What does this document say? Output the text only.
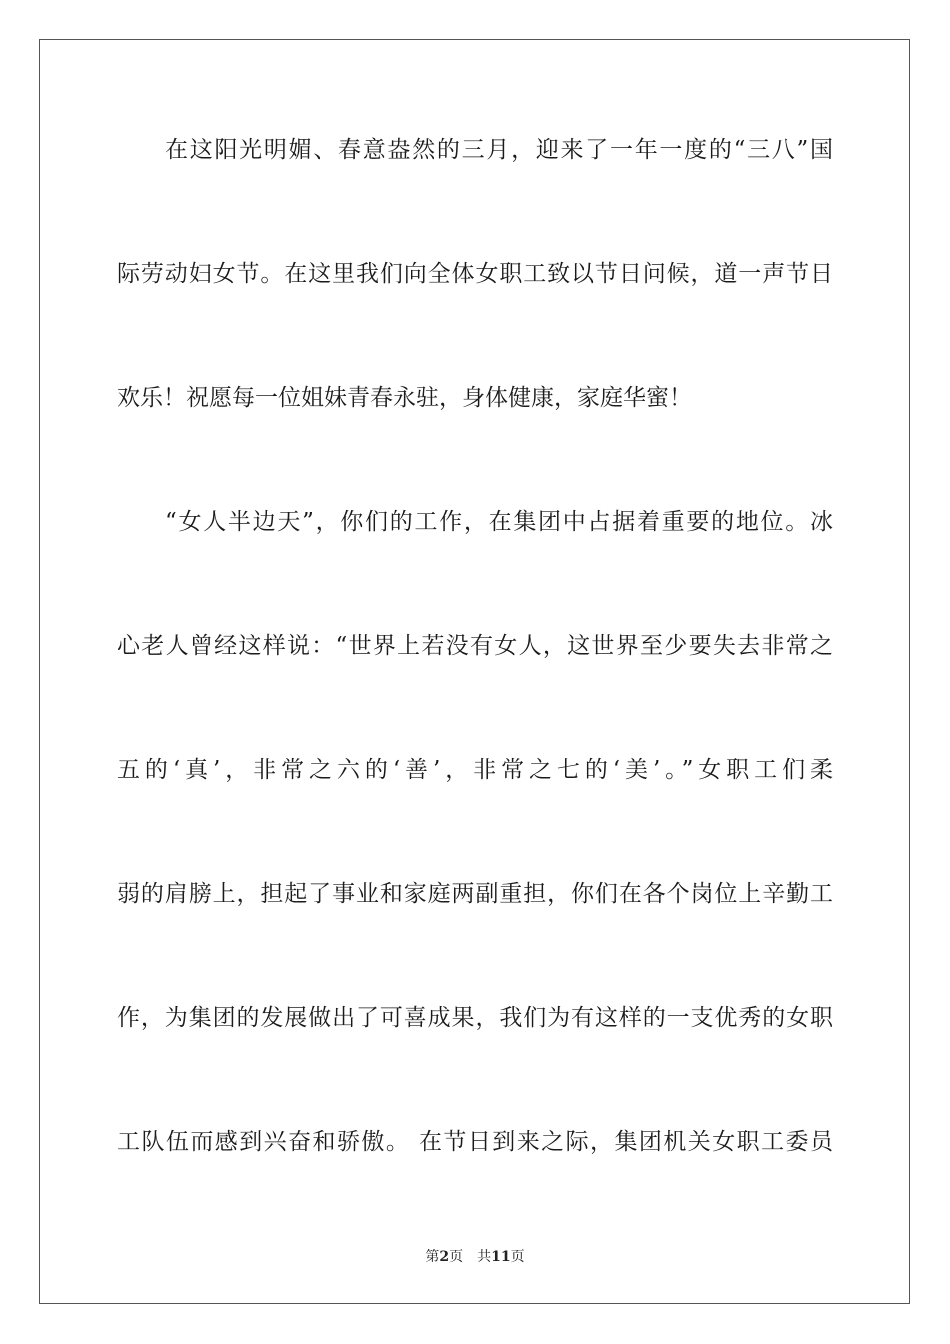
在这阳光明媚、春意盎然的三月，迎来了一年一度的“三八”国
际劳动妇女节。在这里我们向全体女职工致以节日问候，道一声节日
欢乐！祝愿每一位姐妹青春永驻，身体健康，家庭华蜜！
“女人半边天”，你们的工作，在集团中占据着重要的地位。冰
心老人曾经这样说：“世界上若没有女人，这世界至少要失去非常之
五的‘真’，非常之六的‘善’，非常之七的‘美’。”女职工们柔
弱的肩膀上，担起了事业和家庭两副重担，你们在各个岗位上辛勤工
作，为集团的发展做出了可喜成果，我们为有这样的一支优秀的女职
工队伍而感到兴奋和骄傲。 在节日到来之际，集团机关女职工委员
第2页 共11页
